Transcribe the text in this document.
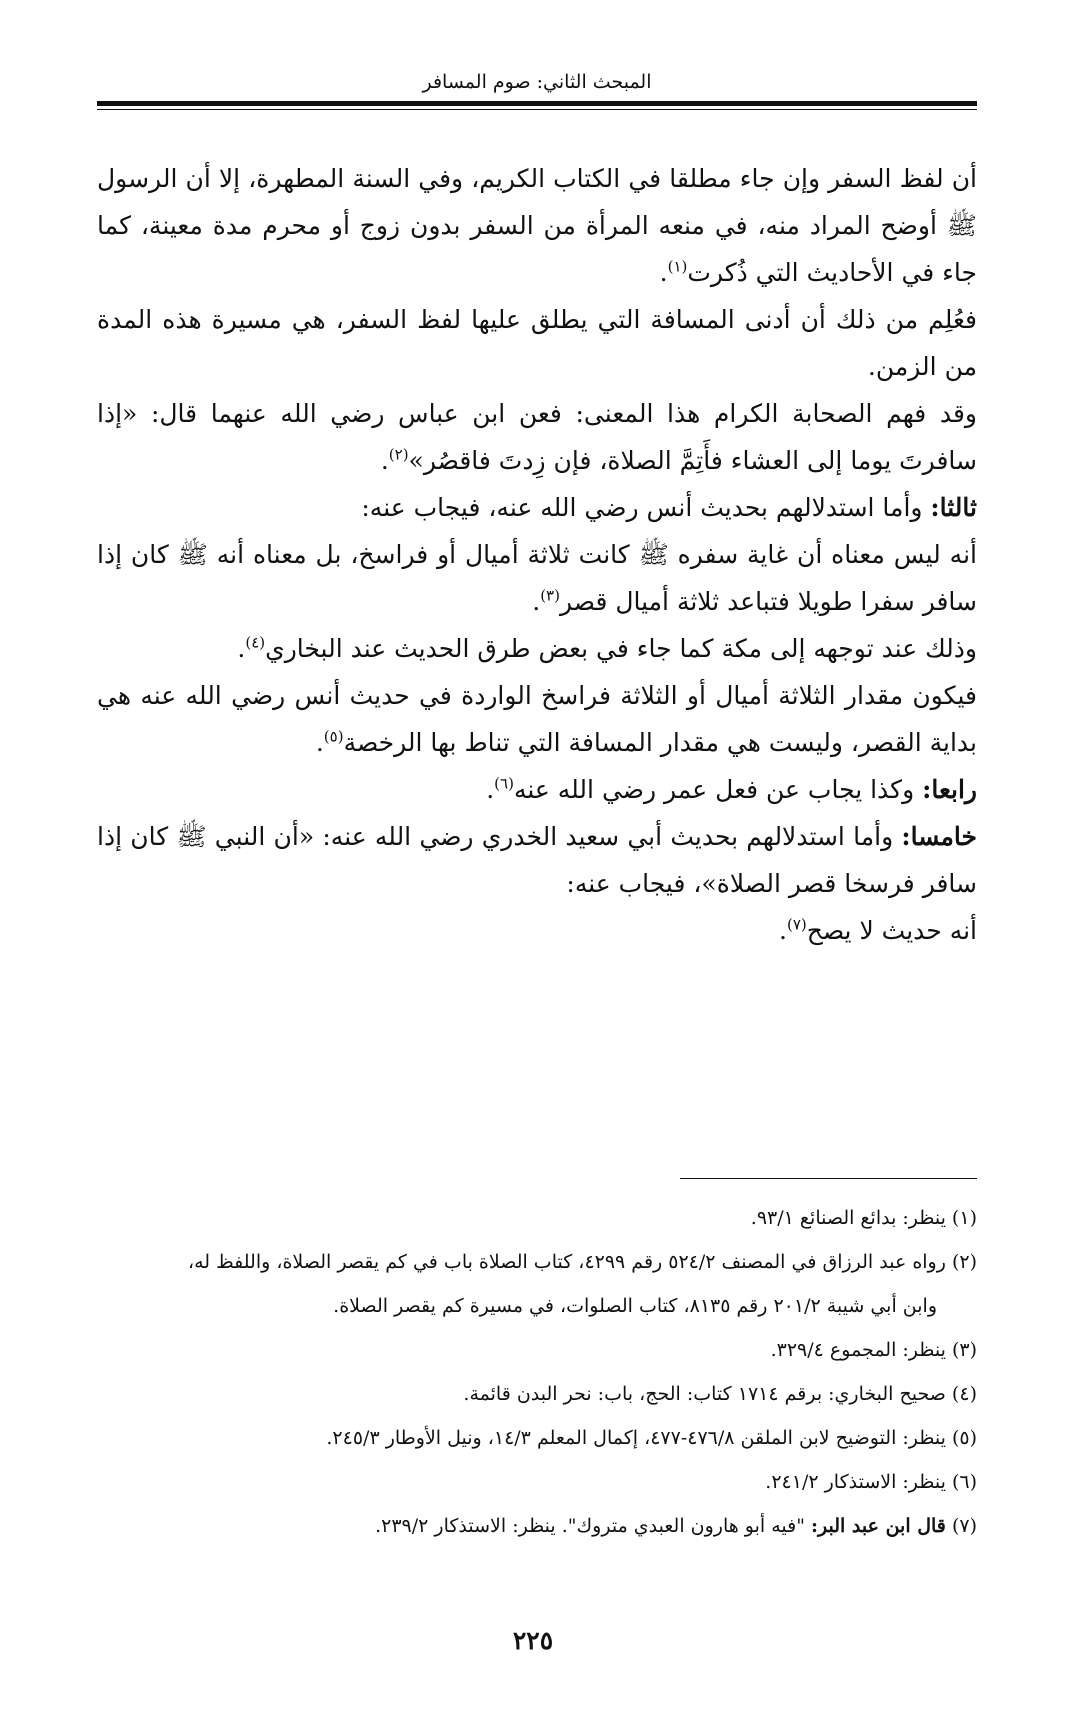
المبحث الثاني: صوم المسافر

أن لفظ السفر وإن جاء مطلقا في الكتاب الكريم، وفي السنة المطهرة، إلا أن الرسول ﷺ أوضح المراد منه، في منعه المرأة من السفر بدون زوج أو محرم مدة معينة، كما جاء في الأحاديث التي ذُكرت$^{(١)}$.

فعُلِم من ذلك أن أدنى المسافة التي يطلق عليها لفظ السفر، هي مسيرة هذه المدة من الزمن.

وقد فهم الصحابة الكرام هذا المعنى: فعن ابن عباس رضي الله عنهما قال: «إذا سافرتَ يوما إلى العشاء فأَتِمَّ الصلاة، فإن زِدتَ فاقصُر»$^{(٢)}$.

ثالثا: وأما استدلالهم بحديث أنس رضي الله عنه، فيجاب عنه:

أنه ليس معناه أن غاية سفره ﷺ كانت ثلاثة أميال أو فراسخ، بل معناه أنه ﷺ كان إذا سافر سفرا طويلا فتباعد ثلاثة أميال قصر$^{(٣)}$.

وذلك عند توجهه إلى مكة كما جاء في بعض طرق الحديث عند البخاري$^{(٤)}$.

فيكون مقدار الثلاثة أميال أو الثلاثة فراسخ الواردة في حديث أنس رضي الله عنه هي بداية القصر، وليست هي مقدار المسافة التي تناط بها الرخصة$^{(٥)}$.

رابعا: وكذا يجاب عن فعل عمر رضي الله عنه$^{(٦)}$.

خامسا: وأما استدلالهم بحديث أبي سعيد الخدري رضي الله عنه: «أن النبي ﷺ كان إذا سافر فرسخا قصر الصلاة»، فيجاب عنه:

أنه حديث لا يصح$^{(٧)}$.

(١) ينظر: بدائع الصنائع ٩٣/١.
(٢) رواه عبد الرزاق في المصنف ٥٢٤/٢ رقم ٤٢٩٩، كتاب الصلاة باب في كم يقصر الصلاة، واللفظ له،
وابن أبي شيبة ٢٠١/٢ رقم ٨١٣٥، كتاب الصلوات، في مسيرة كم يقصر الصلاة.
(٣) ينظر: المجموع ٣٢٩/٤.
(٤) صحيح البخاري: برقم ١٧١٤ كتاب: الحج، باب: نحر البدن قائمة.
(٥) ينظر: التوضيح لابن الملقن ٤٧٦/٨-٤٧٧، إكمال المعلم ١٤/٣، ونيل الأوطار ٢٤٥/٣.
(٦) ينظر: الاستذكار ٢٤١/٢.
(٧) قال ابن عبد البر: "فيه أبو هارون العبدي متروك". ينظر: الاستذكار ٢٣٩/٢.
٢٢٥
